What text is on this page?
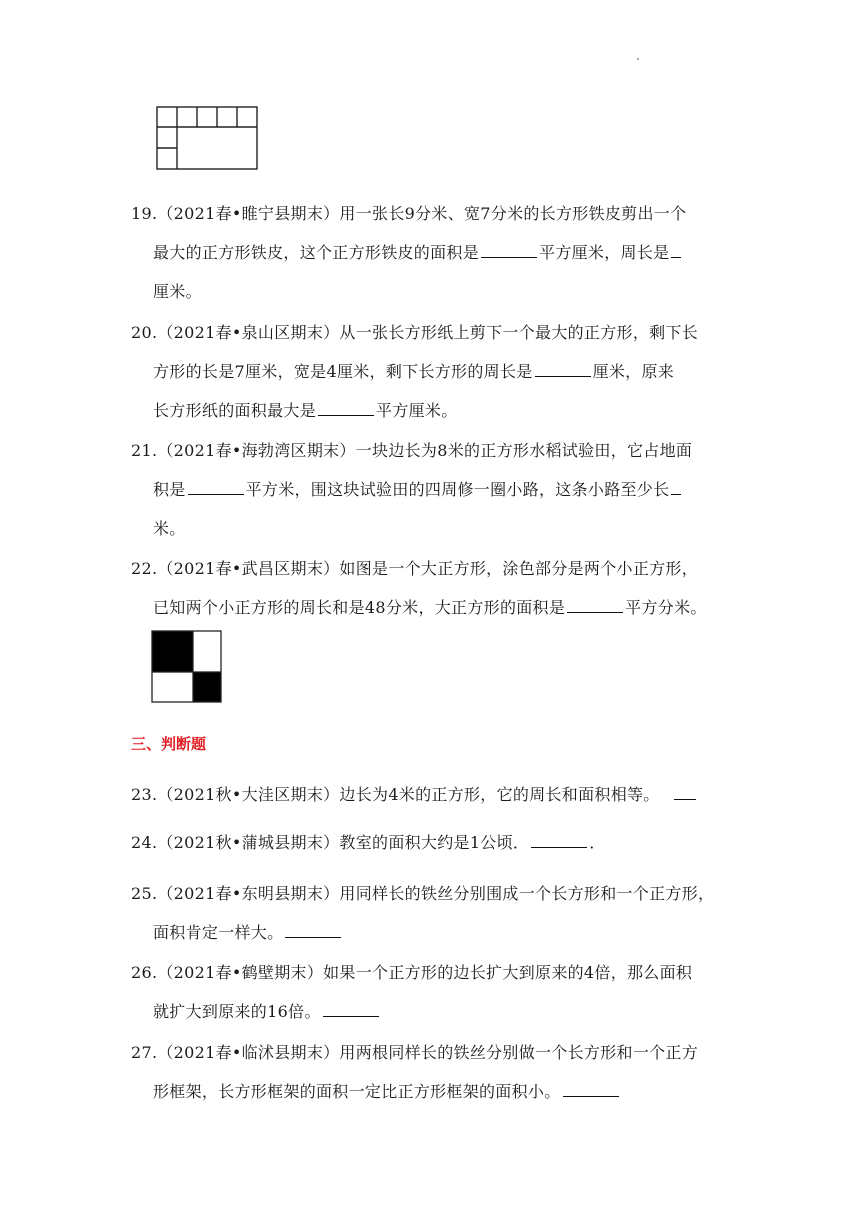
19.（2021春•睢宁县期末）用一张长9分米、宽7分米的长方形铁皮剪出一个
最大的正方形铁皮，这个正方形铁皮的面积是	平方厘米，周长是
厘米。
20.（2021春•泉山区期末）从一张长方形纸上剪下一个最大的正方形，剩下长
方形的长是7厘米，宽是4厘米，剩下长方形的周长是	厘米，原来
长方形纸的面积最大是	平方厘米。
21.（2021春•海勃湾区期末）一块边长为8米的正方形水稻试验田，它占地面
积是	平方米，围这块试验田的四周修一圈小路，这条小路至少长
米。
22.（2021春•武昌区期末）如图是一个大正方形，涂色部分是两个小正方形，
已知两个小正方形的周长和是48分米，大正方形的面积是	平方分米。
三、判断题
23.（2021秋•大洼区期末）边长为4米的正方形，它的周长和面积相等。
24.（2021秋•蒲城县期末）教室的面积大约是1公顷．	．
25.（2021春•东明县期末）用同样长的铁丝分别围成一个长方形和一个正方形，
面积肯定一样大。
26.（2021春•鹤壁期末）如果一个正方形的边长扩大到原来的4倍，那么面积
就扩大到原来的16倍。
27.（2021春•临沭县期末）用两根同样长的铁丝分别做一个长方形和一个正方
形框架，长方形框架的面积一定比正方形框架的面积小。
